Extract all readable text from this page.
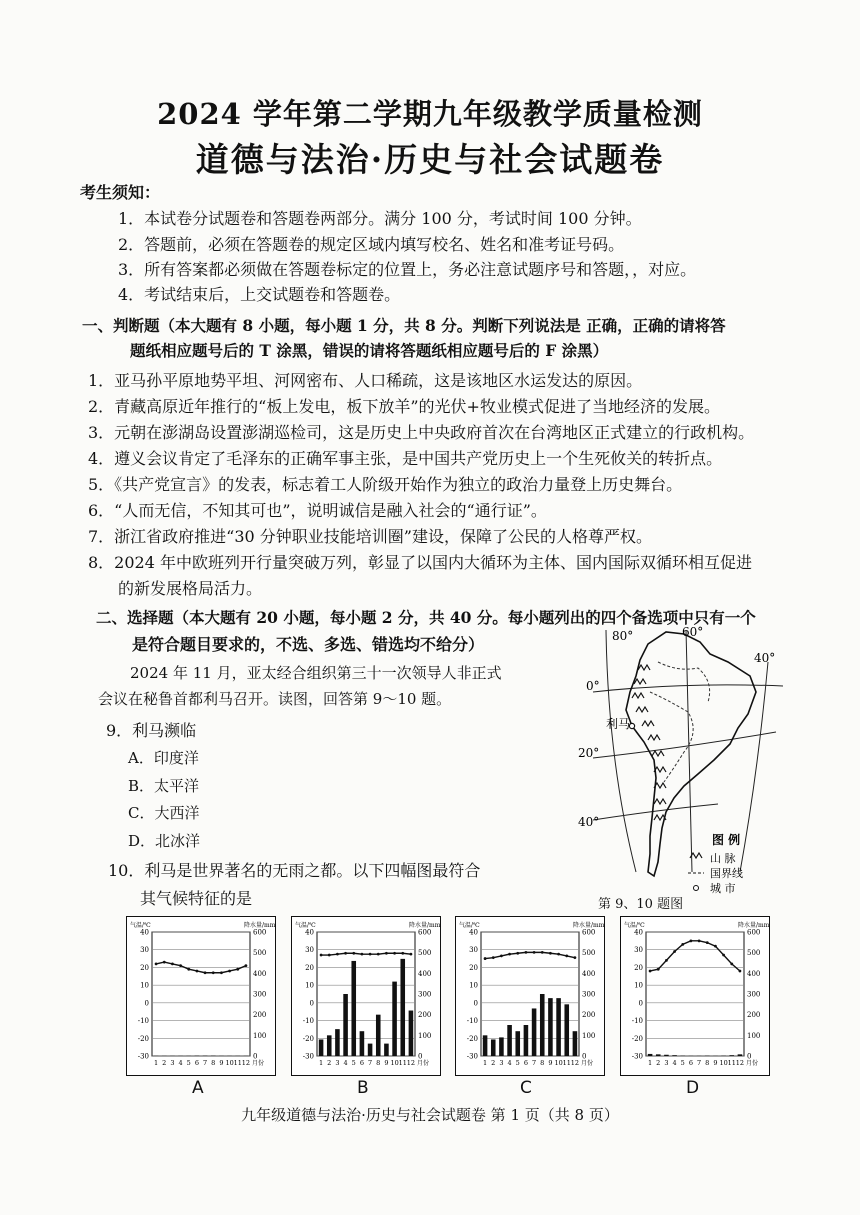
2024 学年第二学期九年级教学质量检测
道德与法治·历史与社会试题卷
考生须知：
1．本试卷分试题卷和答题卷两部分。满分 100 分，考试时间 100 分钟。
2．答题前，必须在答题卷的规定区域内填写校名、姓名和准考证号码。
3．所有答案都必须做在答题卷标定的位置上，务必注意试题序号和答题，，对应。
4．考试结束后，上交试题卷和答题卷。
一、判断题（本大题有 8 小题，每小题 1 分，共 8 分。判断下列说法是 正确，正确的请将答
题纸相应题号后的 T 涂黑，错误的请将答题纸相应题号后的 F 涂黑）
1．亚马孙平原地势平坦、河网密布、人口稀疏，这是该地区水运发达的原因。
2．青藏高原近年推行的“板上发电，板下放羊”的光伏+牧业模式促进了当地经济的发展。
3．元朝在澎湖岛设置澎湖巡检司，这是历史上中央政府首次在台湾地区正式建立的行政机构。
4．遵义会议肯定了毛泽东的正确军事主张，是中国共产党历史上一个生死攸关的转折点。
5．《共产党宣言》的发表，标志着工人阶级开始作为独立的政治力量登上历史舞台。
6．“人而无信，不知其可也”，说明诚信是融入社会的“通行证”。
7．浙江省政府推进“30 分钟职业技能培训圈”建设，保障了公民的人格尊严权。
8．2024 年中欧班列开行量突破万列，彰显了以国内大循环为主体、国内国际双循环相互促进
的新发展格局活力。
二、选择题（本大题有 20 小题，每小题 2 分，共 40 分。每小题列出的四个备选项中只有一个
是符合题目要求的，不选、多选、错选均不给分）
2024 年 11 月，亚太经合组织第三十一次领导人非正式
会议在秘鲁首都利马召开。读图，回答第 9～10 题。
9．利马濒临
A．印度洋
B．太平洋
C．大西洋
D．北冰洋
10．利马是世界著名的无雨之都。以下四幅图最符合
其气候特征的是
利马
80°	60°
40°
0°
20°
40°
图 例
山 脉
国界线
城 市
第 9、10 题图
气温/℃	降水量/mm
40
30
20
10
0
-10
-20
-30
600
500
400
300
200
100
0
1 2 3 4 5 6 7 8 9 10 11 12 月份
气温/℃	降水量/mm
40
30
20
10
0
-10
-20
-30
600
500
400
300
200
100
0
1 2 3 4 5 6 7 8 9 10 11 12 月份
气温/℃	降水量/mm
40
30
20
10
0
-10
-20
-30
600
500
400
300
200
100
0
1 2 3 4 5 6 7 8 9 10 11 12 月份
气温/℃	降水量/mm
40
30
20
10
0
-10
-20
-30
600
500
400
300
200
100
0
1 2 3 4 5 6 7 8 9 10 11 12 月份
A	B	C	D
九年级道德与法治·历史与社会试题卷 第 1 页（共 8 页）
